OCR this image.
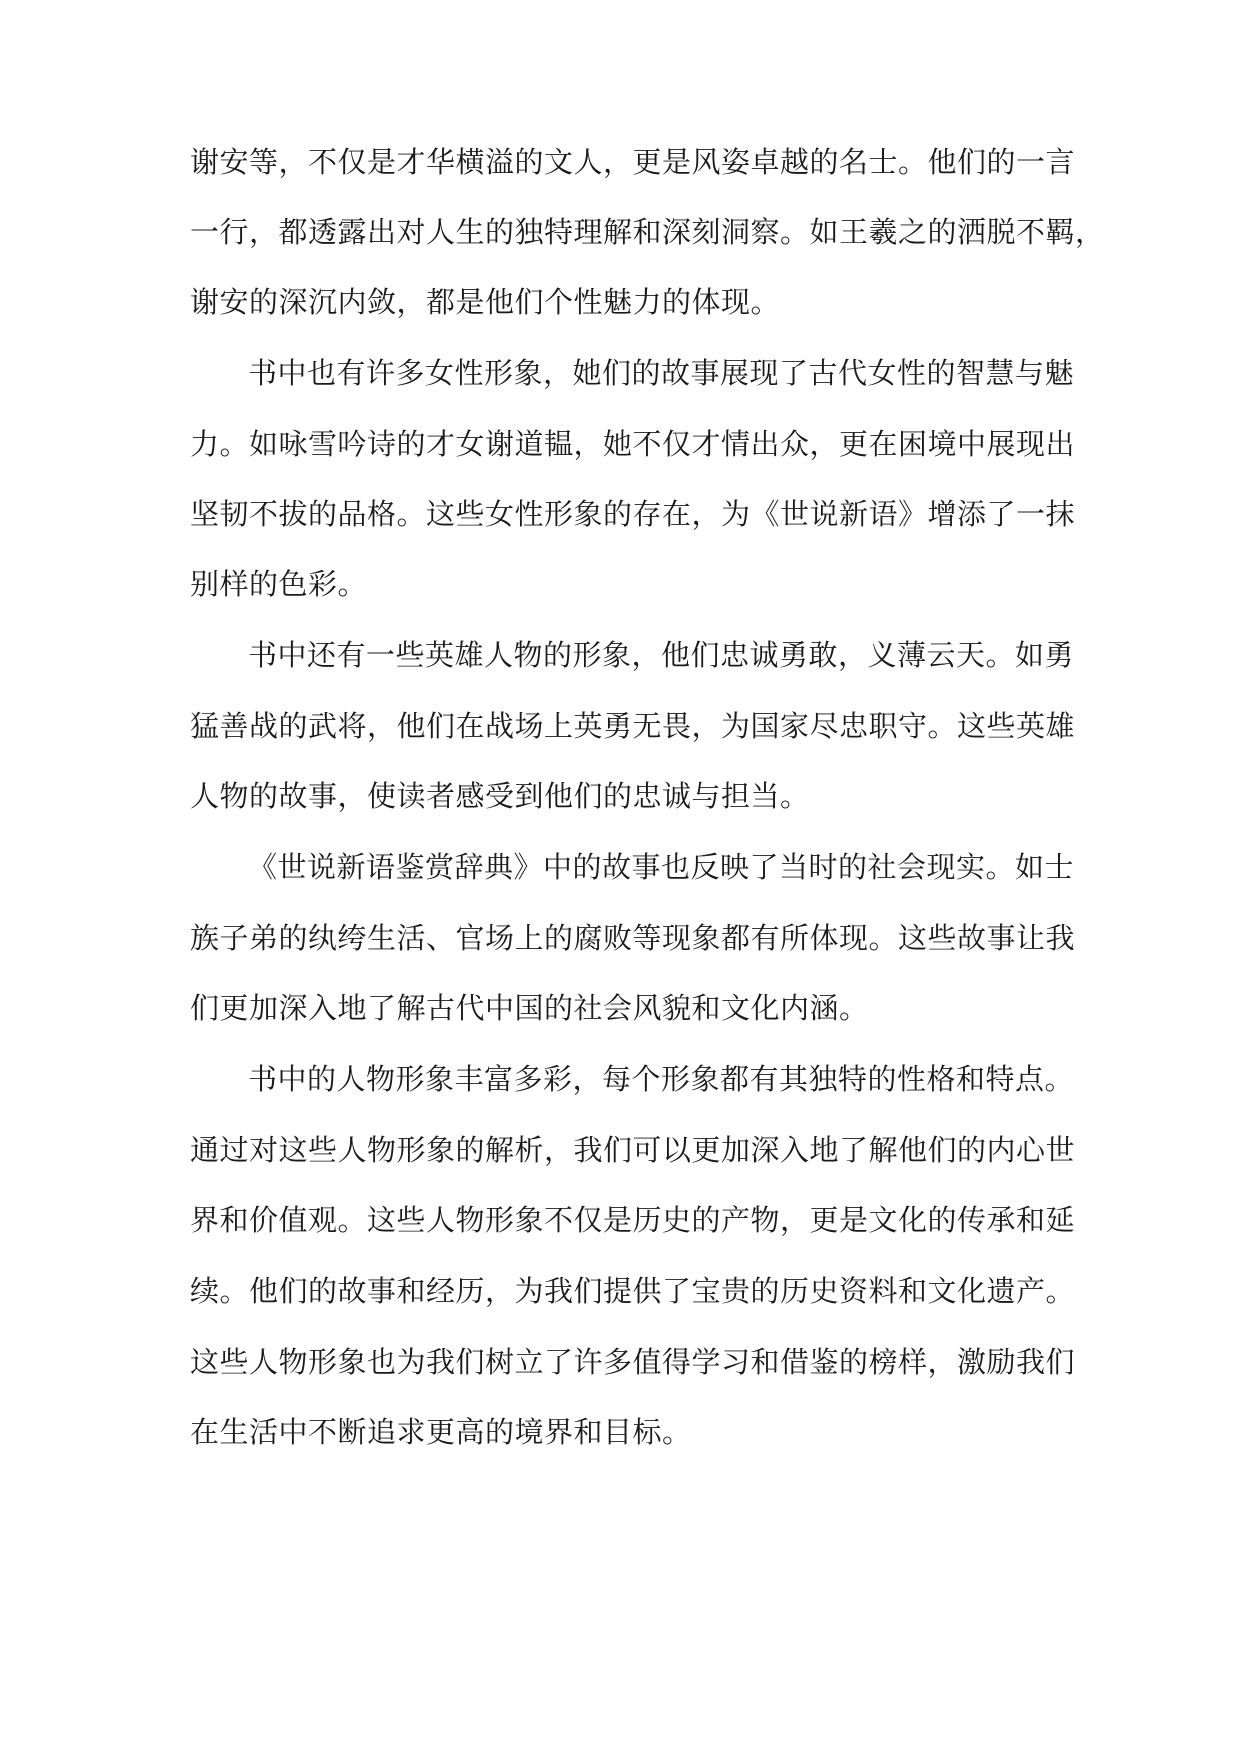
谢安等，不仅是才华横溢的文人，更是风姿卓越的名士。他们的一言
一行，都透露出对人生的独特理解和深刻洞察。如王羲之的洒脱不羁，
谢安的深沉内敛，都是他们个性魅力的体现。
书中也有许多女性形象，她们的故事展现了古代女性的智慧与魅
力。如咏雪吟诗的才女谢道韫，她不仅才情出众，更在困境中展现出
坚韧不拔的品格。这些女性形象的存在，为《世说新语》增添了一抹
别样的色彩。
书中还有一些英雄人物的形象，他们忠诚勇敢，义薄云天。如勇
猛善战的武将，他们在战场上英勇无畏，为国家尽忠职守。这些英雄
人物的故事，使读者感受到他们的忠诚与担当。
《世说新语鉴赏辞典》中的故事也反映了当时的社会现实。如士
族子弟的纨绔生活、官场上的腐败等现象都有所体现。这些故事让我
们更加深入地了解古代中国的社会风貌和文化内涵。
书中的人物形象丰富多彩，每个形象都有其独特的性格和特点。
通过对这些人物形象的解析，我们可以更加深入地了解他们的内心世
界和价值观。这些人物形象不仅是历史的产物，更是文化的传承和延
续。他们的故事和经历，为我们提供了宝贵的历史资料和文化遗产。
这些人物形象也为我们树立了许多值得学习和借鉴的榜样，激励我们
在生活中不断追求更高的境界和目标。
